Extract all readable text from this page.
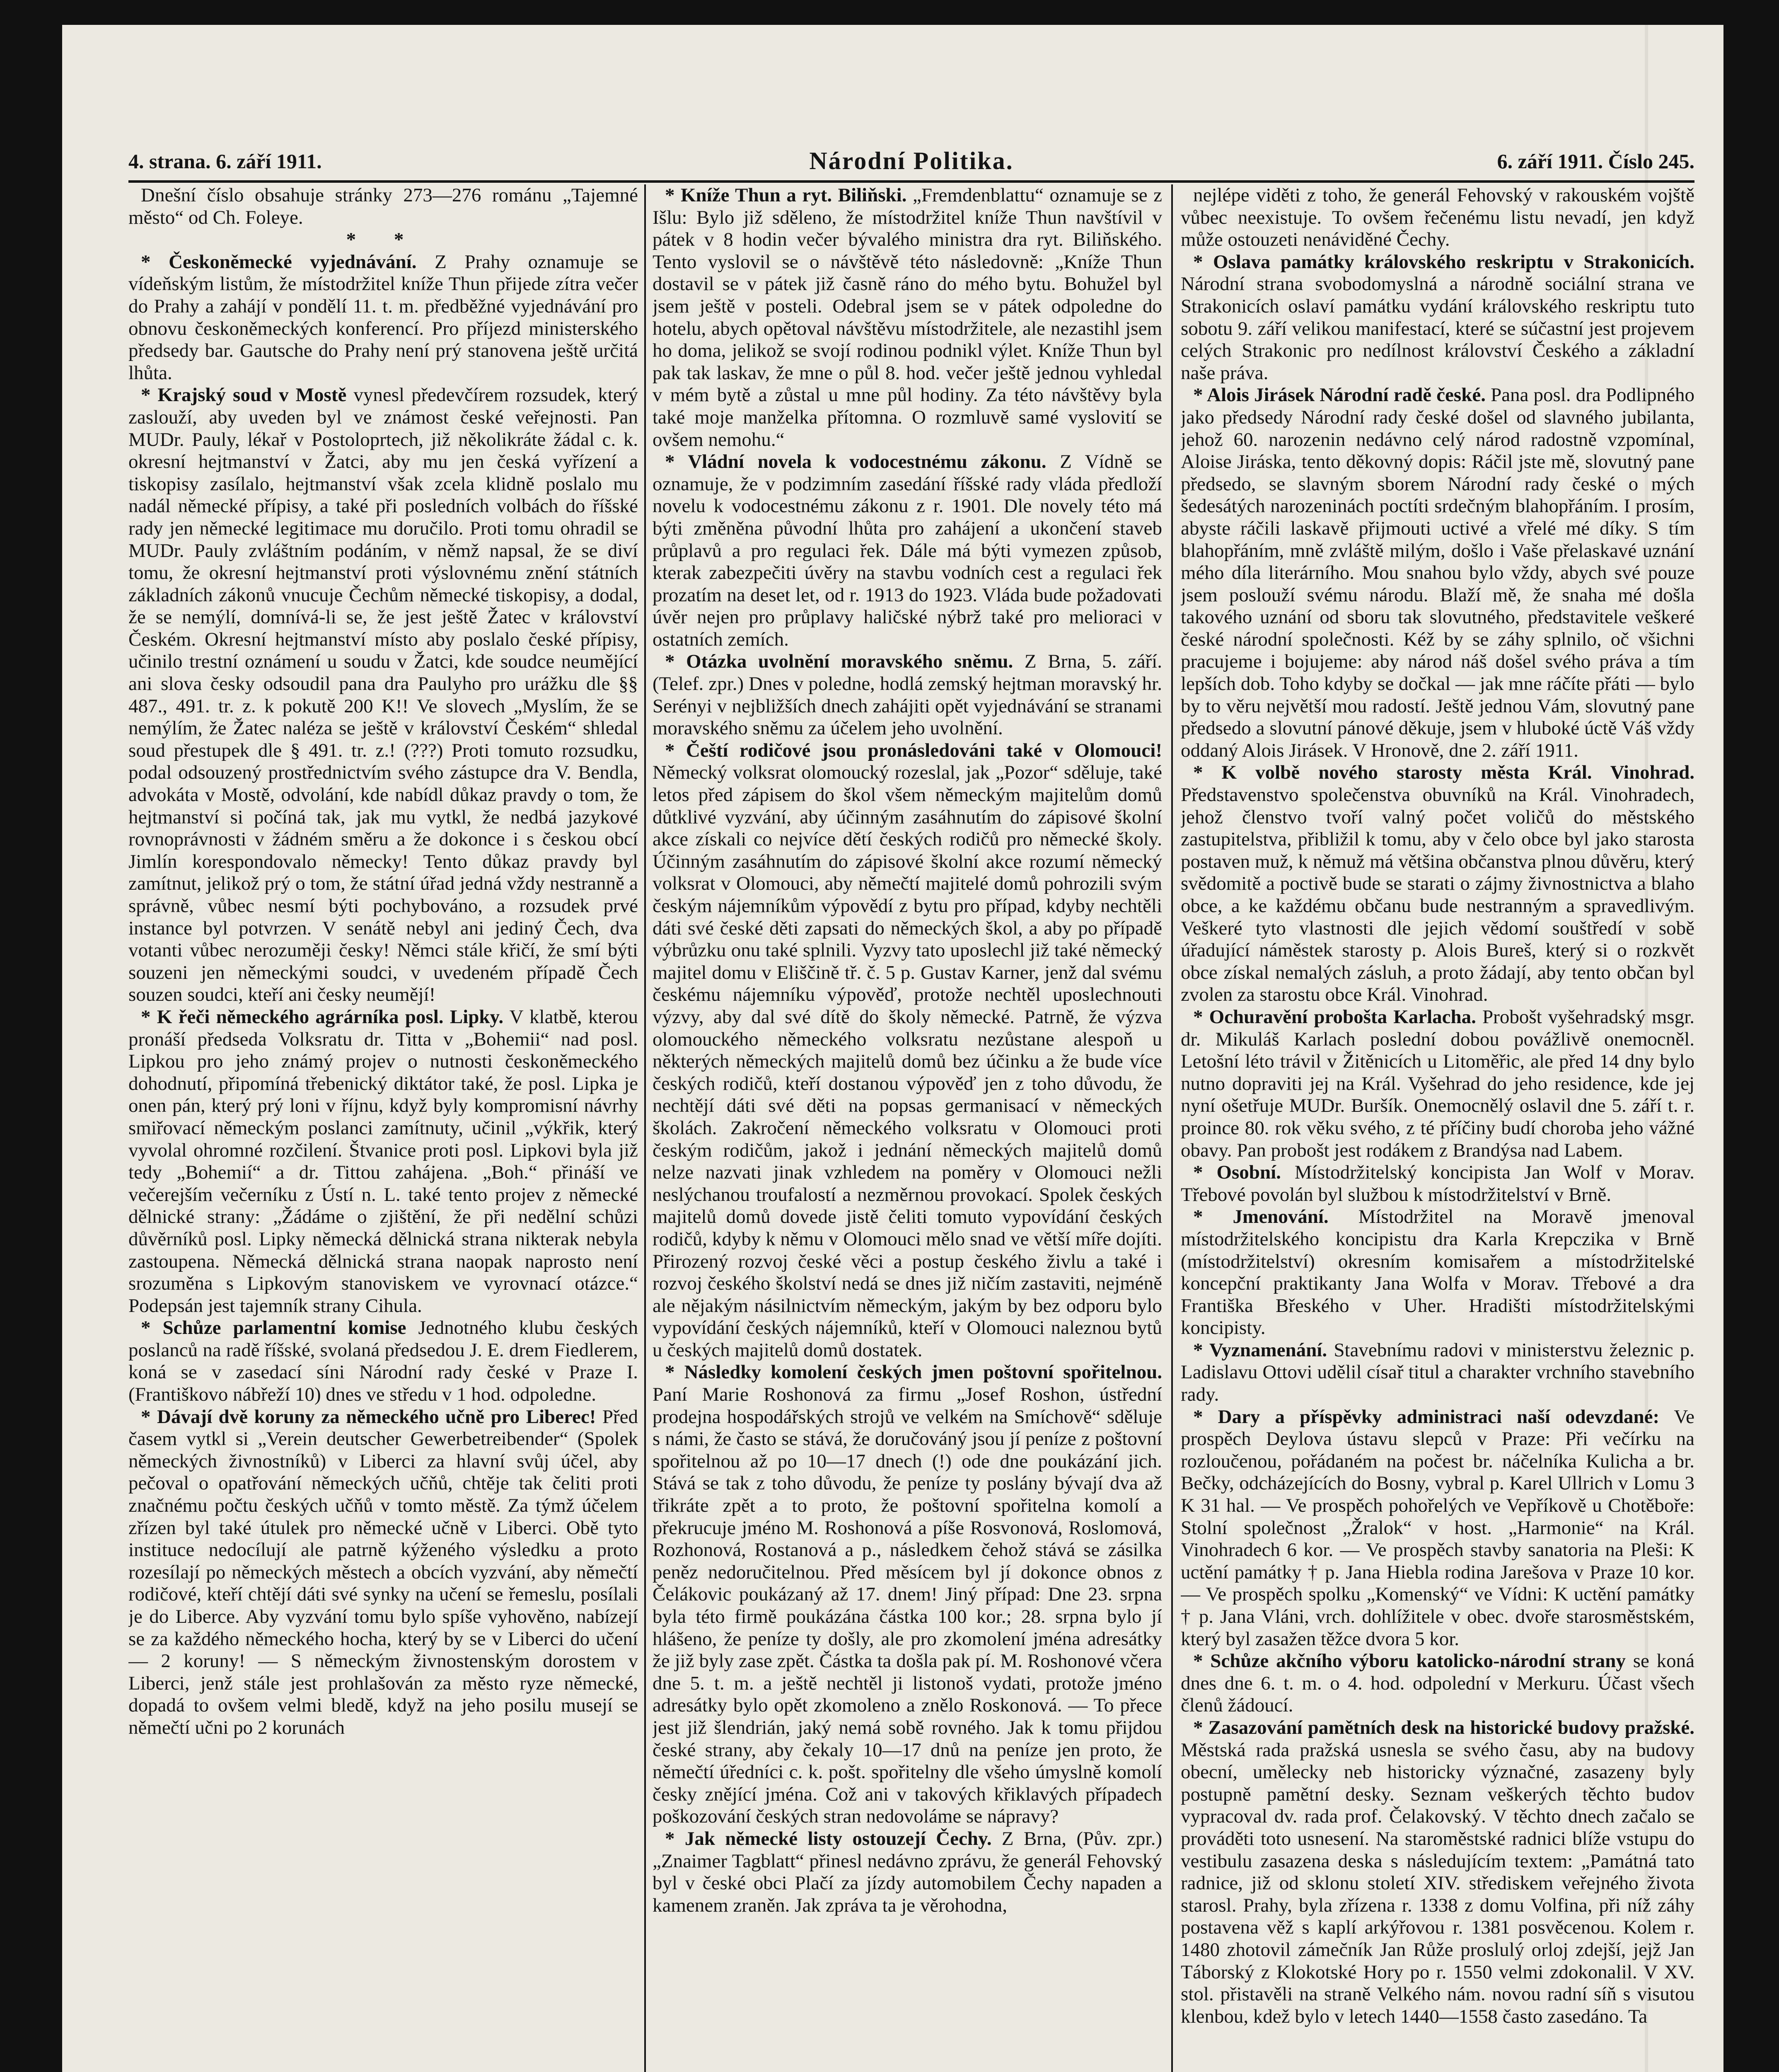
4. strana. 6. září 1911.	Národní Politika.	6. září 1911. Číslo 245.

Dnešní číslo obsahuje stránky 273—276 románu „Tajemné město“ od Ch. Foleye.

* *

* Českoněmecké vyjednávání. Z Prahy oznamuje se vídeňským listům, že místodržitel kníže Thun přijede zítra večer do Prahy a zahájí v pondělí 11. t. m. předběžné vyjednávání pro obnovu českoněmeckých konferencí. Pro příjezd ministerského předsedy bar. Gautsche do Prahy není prý stanovena ještě určitá lhůta.

* Krajský soud v Mostě vynesl předevčírem rozsudek, který zaslouží, aby uveden byl ve známost české veřejnosti. Pan MUDr. Pauly, lékař v Postoloprtech, již několikráte žádal c. k. okresní hejtmanství v Žatci, aby mu jen česká vyřízení a tiskopisy zasílalo, hejtmanství však zcela klidně poslalo mu nadál německé přípisy, a také při posledních volbách do říšské rady jen německé legitimace mu doručilo. Proti tomu ohradil se MUDr. Pauly zvláštním podáním, v němž napsal, že se diví tomu, že okresní hejtmanství proti výslovnému znění státních základních zákonů vnucuje Čechům německé tiskopisy, a dodal, že se nemýlí, domnívá-li se, že jest ještě Žatec v království Českém. Okresní hejtmanství místo aby poslalo české přípisy, učinilo trestní oznámení u soudu v Žatci, kde soudce neumějící ani slova česky odsoudil pana dra Paulyho pro urážku dle §§ 487., 491. tr. z. k pokutě 200 K!! Ve slovech „Myslím, že se nemýlím, že Žatec naléza se ještě v království Českém“ shledal soud přestupek dle § 491. tr. z.! (???) Proti tomuto rozsudku, podal odsouzený prostřednictvím svého zástupce dra V. Bendla, advokáta v Mostě, odvolání, kde nabídl důkaz pravdy o tom, že hejtmanství si počíná tak, jak mu vytkl, že nedbá jazykové rovnoprávnosti v žádném směru a že dokonce i s českou obcí Jimlín korespondovalo německy! Tento důkaz pravdy byl zamítnut, jelikož prý o tom, že státní úřad jedná vždy nestranně a správně, vůbec nesmí býti pochybováno, a rozsudek prvé instance byl potvrzen. V senátě nebyl ani jediný Čech, dva votanti vůbec nerozuměji česky! Němci stále křičí, že smí býti souzeni jen německými soudci, v uvedeném případě Čech souzen soudci, kteří ani česky neumějí!

* K řeči německého agrárníka posl. Lipky. V klatbě, kterou pronáší předseda Volksratu dr. Titta v „Bohemii“ nad posl. Lipkou pro jeho známý projev o nutnosti českoněmeckého dohodnutí, připomíná třebenický diktátor také, že posl. Lipka je onen pán, který prý loni v říjnu, když byly kompromisní návrhy smiřovací německým poslanci zamítnuty, učinil „výkřik, který vyvolal ohromné rozčilení. Štvanice proti posl. Lipkovi byla již tedy „Bohemií“ a dr. Tittou zahájena. „Boh.“ přináší ve večerejším večerníku z Ústí n. L. také tento projev z německé dělnické strany: „Žádáme o zjištění, že při nedělní schůzi důvěrníků posl. Lipky německá dělnická strana nikterak nebyla zastoupena. Německá dělnická strana naopak naprosto není srozuměna s Lipkovým stanoviskem ve vyrovnací otázce.“ Podepsán jest tajemník strany Cihula.

* Schůze parlamentní komise Jednotného klubu českých poslanců na radě říšské, svolaná předsedou J. E. drem Fiedlerem, koná se v zasedací síni Národní rady české v Praze I. (Františkovo nábřeží 10) dnes ve středu v 1 hod. odpoledne.

* Dávají dvě koruny za německého učně pro Liberec! Před časem vytkl si „Verein deutscher Gewerbetreibender“ (Spolek německých živnostníků) v Liberci za hlavní svůj účel, aby pečoval o opatřování německých učňů, chtěje tak čeliti proti značnému počtu českých učňů v tomto městě. Za týmž účelem zřízen byl také útulek pro německé učně v Liberci. Obě tyto instituce nedocílují ale patrně kýženého výsledku a proto rozesílají po německých městech a obcích vyzvání, aby němečtí rodičové, kteří chtějí dáti své synky na učení se řemeslu, posílali je do Liberce. Aby vyzvání tomu bylo spíše vyhověno, nabízejí se za každého německého hocha, který by se v Liberci do učení — 2 koruny! — S německým živnostenským dorostem v Liberci, jenž stále jest prohlašován za město ryze německé, dopadá to ovšem velmi bledě, když na jeho posilu musejí se němečtí učni po 2 korunách

* Kníže Thun a ryt. Biliňski. „Fremdenblattu“ oznamuje se z Išlu: Bylo již sděleno, že místodržitel kníže Thun navštívil v pátek v 8 hodin večer bývalého ministra dra ryt. Biliňského. Tento vyslovil se o návštěvě této následovně: „Kníže Thun dostavil se v pátek již časně ráno do mého bytu. Bohužel byl jsem ještě v posteli. Odebral jsem se v pátek odpoledne do hotelu, abych opětoval návštěvu místodržitele, ale nezastihl jsem ho doma, jelikož se svojí rodinou podnikl výlet. Kníže Thun byl pak tak laskav, že mne o půl 8. hod. večer ještě jednou vyhledal v mém bytě a zůstal u mne půl hodiny. Za této návštěvy byla také moje manželka přítomna. O rozmluvě samé vyslovití se ovšem nemohu.“

* Vládní novela k vodocestnému zákonu. Z Vídně se oznamuje, že v podzimním zasedání říšské rady vláda předloží novelu k vodocestnému zákonu z r. 1901. Dle novely této má býti změněna původní lhůta pro zahájení a ukončení staveb průplavů a pro regulaci řek. Dále má býti vymezen způsob, kterak zabezpečiti úvěry na stavbu vodních cest a regulaci řek prozatím na deset let, od r. 1913 do 1923. Vláda bude požadovati úvěr nejen pro průplavy haličské nýbrž také pro melioraci v ostatních zemích.

* Otázka uvolnění moravského sněmu. Z Brna, 5. září. (Telef. zpr.) Dnes v poledne, hodlá zemský hejtman moravský hr. Serényi v nejbližších dnech zahájiti opět vyjednávání se stranami moravského sněmu za účelem jeho uvolnění.

* Čeští rodičové jsou pronásledováni také v Olomouci! Německý volksrat olomoucký rozeslal, jak „Pozor“ sděluje, také letos před zápisem do škol všem německým majitelům domů důtklivé vyzvání, aby účinným zasáhnutím do zápisové školní akce získali co nejvíce dětí českých rodičů pro německé školy. Účinným zasáhnutím do zápisové školní akce rozumí německý volksrat v Olomouci, aby němečtí majitelé domů pohrozili svým českým nájemníkům výpovědí z bytu pro případ, kdyby nechtěli dáti své české děti zapsati do německých škol, a aby po případě výbrůzku onu také splnili. Vyzvy tato uposlechl již také německý majitel domu v Eliščině tř. č. 5 p. Gustav Karner, jenž dal svému českému nájemníku výpověď, protože nechtěl uposlechnouti výzvy, aby dal své dítě do školy německé. Patrně, že výzva olomouckého německého volksratu nezůstane alespoň u některých německých majitelů domů bez účinku a že bude více českých rodičů, kteří dostanou výpověď jen z toho důvodu, že nechtějí dáti své děti na popsas germanisací v německých školách. Zakročení německého volksratu v Olomouci proti českým rodičům, jakož i jednání německých majitelů domů nelze nazvati jinak vzhledem na poměry v Olomouci nežli neslýchanou troufalostí a nezměrnou provokací. Spolek českých majitelů domů dovede jistě čeliti tomuto vypovídání českých rodičů, kdyby k němu v Olomouci mělo snad ve větší míře dojíti. Přirozený rozvoj české věci a postup českého živlu a také i rozvoj českého školství nedá se dnes již ničím zastaviti, nejméně ale nějakým násilnictvím německým, jakým by bez odporu bylo vypovídání českých nájemníků, kteří v Olomouci naleznou bytů u českých majitelů domů dostatek.

* Následky komolení českých jmen poštovní spořitelnou. Paní Marie Roshonová za firmu „Josef Roshon, ústřední prodejna hospodářských strojů ve velkém na Smíchově“ sděluje s námi, že často se stává, že doručováný jsou jí peníze z poštovní spořitelnou až po 10—17 dnech (!) ode dne poukázání jich. Stává se tak z toho důvodu, že peníze ty poslány bývají dva až třikráte zpět a to proto, že poštovní spořitelna komolí a překrucuje jméno M. Roshonová a píše Rosvonová, Roslomová, Rozhonová, Rostanová a p., následkem čehož stává se zásilka peněz nedoručitelnou. Před měsícem byl jí dokonce obnos z Čelákovic poukázaný až 17. dnem! Jiný případ: Dne 23. srpna byla této firmě poukázána částka 100 kor.; 28. srpna bylo jí hlášeno, že peníze ty došly, ale pro zkomolení jména adresátky že již byly zase zpět. Částka ta došla pak pí. M. Roshonové včera dne 5. t. m. a ještě nechtěl ji listonoš vydati, protože jméno adresátky bylo opět zkomoleno a znělo Roskonová. — To přece jest již šlendrián, jaký nemá sobě rovného. Jak k tomu přijdou české strany, aby čekaly 10—17 dnů na peníze jen proto, že němečtí úředníci c. k. pošt. spořitelny dle všeho úmyslně komolí česky znějící jména. Což ani v takových křiklavých případech poškozování českých stran nedovoláme se nápravy?

* Jak německé listy ostouzejí Čechy. Z Brna, (Pův. zpr.) „Znaimer Tagblatt“ přinesl nedávno zprávu, že generál Fehovský byl v české obci Plačí za jízdy automobilem Čechy napaden a kamenem zraněn. Jak zpráva ta je věrohodna,

nejlépe viděti z toho, že generál Fehovský v rakouském vojště vůbec neexistuje. To ovšem řečenému listu nevadí, jen když může ostouzeti nenáviděné Čechy.

* Oslava památky královského reskriptu v Strakonicích. Národní strana svobodomyslná a národně sociální strana ve Strakonicích oslaví památku vydání královského reskriptu tuto sobotu 9. září velikou manifestací, které se súčastní jest projevem celých Strakonic pro nedílnost království Českého a základní naše práva.

* Alois Jirásek Národní radě české. Pana posl. dra Podlipného jako předsedy Národní rady české došel od slavného jubilanta, jehož 60. narozenin nedávno celý národ radostně vzpomínal, Aloise Jiráska, tento děkovný dopis: Ráčil jste mě, slovutný pane předsedo, se slavným sborem Národní rady české o mých šedesátých narozeninách poctíti srdečným blahopřáním. I prosím, abyste ráčili laskavě přijmouti uctivé a vřelé mé díky. S tím blahopřáním, mně zvláště milým, došlo i Vaše přelaskavé uznání mého díla literárního. Mou snahou bylo vždy, abych své pouze jsem poslouží svému národu. Blaží mě, že snaha mé došla takového uznání od sboru tak slovutného, představitele veškeré české národní společnosti. Kéž by se záhy splnilo, oč všichni pracujeme i bojujeme: aby národ náš došel svého práva a tím lepších dob. Toho kdyby se dočkal — jak mne ráčíte přáti — bylo by to věru největší mou radostí. Ještě jednou Vám, slovutný pane předsedo a slovutní pánové děkuje, jsem v hluboké úctě Váš vždy oddaný Alois Jirásek. V Hronově, dne 2. září 1911.

* K volbě nového starosty města Král. Vinohrad. Představenstvo společenstva obuvníků na Král. Vinohradech, jehož členstvo tvoří valný počet voličů do městského zastupitelstva, přibližil k tomu, aby v čelo obce byl jako starosta postaven muž, k němuž má většina občanstva plnou důvěru, který svědomitě a poctivě bude se starati o zájmy živnostnictva a blaho obce, a ke každému občanu bude nestranným a spravedlivým. Veškeré tyto vlastnosti dle jejich vědomí souštředí v sobě úřadující náměstek starosty p. Alois Bureš, který si o rozkvět obce získal nemalých zásluh, a proto žádají, aby tento občan byl zvolen za starostu obce Král. Vinohrad.

* Ochuravění probošta Karlacha. Probošt vyšehradský msgr. dr. Mikuláš Karlach poslední dobou povážlivě onemocněl. Letošní léto trávil v Žitěnicích u Litoměřic, ale před 14 dny bylo nutno dopraviti jej na Král. Vyšehrad do jeho residence, kde jej nyní ošetřuje MUDr. Buršík. Onemocnělý oslavil dne 5. září t. r. proince 80. rok věku svého, z té příčiny budí choroba jeho vážné obavy. Pan probošt jest rodákem z Brandýsa nad Labem.

* Osobní. Místodržitelský koncipista Jan Wolf v Morav. Třebové povolán byl službou k místodržitelství v Brně.

* Jmenování. Místodržitel na Moravě jmenoval místodržitelského koncipistu dra Karla Krepczika v Brně (místodržitelství) okresním komisařem a místodržitelské koncepční praktikanty Jana Wolfa v Morav. Třebové a dra Františka Břeského v Uher. Hradišti místodržitelskými koncipisty.

* Vyznamenání. Stavebnímu radovi v ministerstvu železnic p. Ladislavu Ottovi udělil císař titul a charakter vrchního stavebního rady.

* Dary a příspěvky administraci naší odevzdané: Ve prospěch Deylova ústavu slepců v Praze: Při večírku na rozloučenou, pořádaném na počest br. náčelníka Kulicha a br. Bečky, odcházejících do Bosny, vybral p. Karel Ullrich v Lomu 3 K 31 hal. — Ve prospěch pohořelých ve Vepříkově u Chotěboře: Stolní společnost „Žralok“ v host. „Harmonie“ na Král. Vinohradech 6 kor. — Ve prospěch stavby sanatoria na Pleši: K uctění památky † p. Jana Hiebla rodina Jarešova v Praze 10 kor. — Ve prospěch spolku „Komenský“ ve Vídni: K uctění památky † p. Jana Vláni, vrch. dohlížitele v obec. dvoře starosměstském, který byl zasažen těžce dvora 5 kor.

* Schůze akčního výboru katolicko-národní strany se koná dnes dne 6. t. m. o 4. hod. odpolední v Merkuru. Účast všech členů žádoucí.

* Zasazování pamětních desk na historické budovy pražské. Městská rada pražská usnesla se svého času, aby na budovy obecní, umělecky neb historicky význačné, zasazeny byly postupně pamětní desky. Seznam veškerých těchto budov vypracoval dv. rada prof. Čelakovský. V těchto dnech začalo se prováděti toto usnesení. Na staroměstské radnici blíže vstupu do vestibulu zasazena deska s následujícím textem: „Památná tato radnice, již od sklonu století XIV. střediskem veřejného života starosl. Prahy, byla zřízena r. 1338 z domu Volfina, při níž záhy postavena věž s kaplí arkýřovou r. 1381 posvěcenou. Kolem r. 1480 zhotovil zámečník Jan Růže proslulý orloj zdejší, jejž Jan Táborský z Klokotské Hory po r. 1550 velmi zdokonalil. V XV. stol. přistavěli na straně Velkého nám. novou radní síň s visutou klenbou, kdež bylo v letech 1440—1558 často zasedáno. Ta
